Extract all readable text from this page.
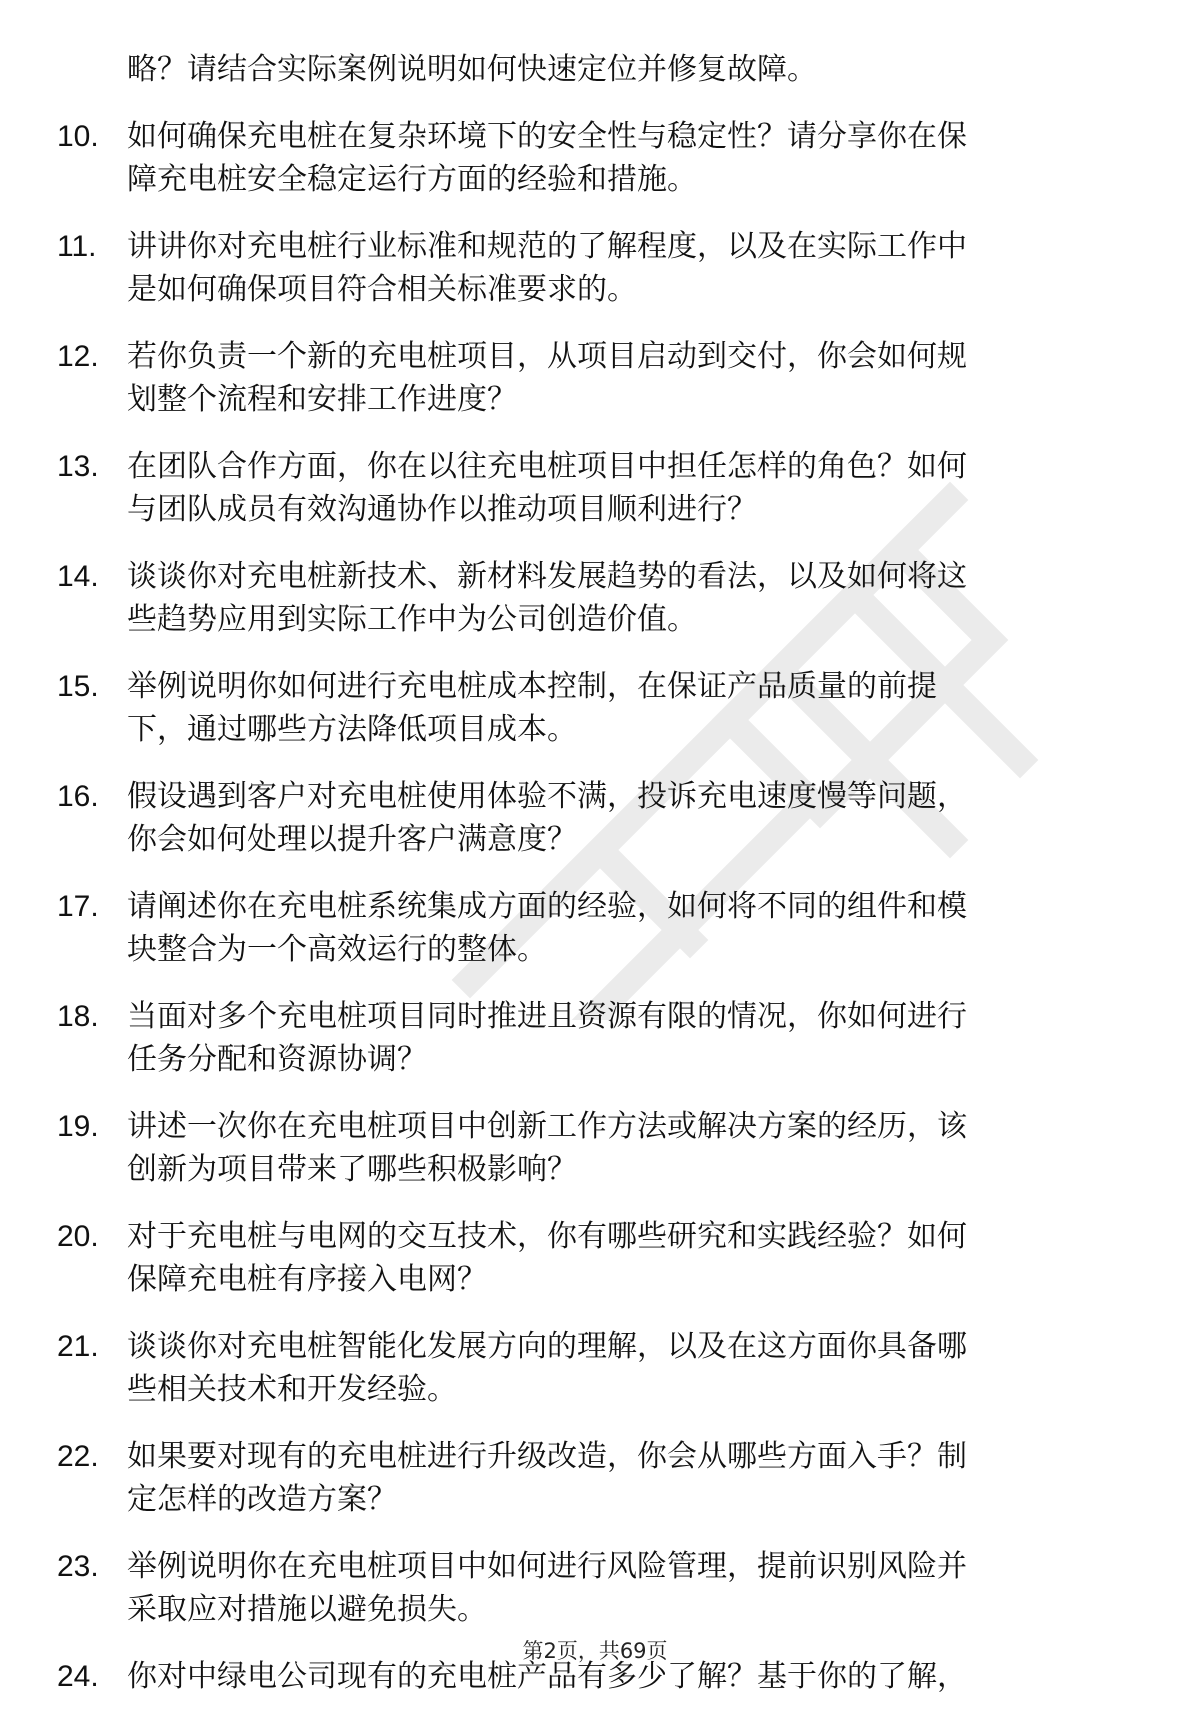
略？请结合实际案例说明如何快速定位并修复故障。
10. 如何确保充电桩在复杂环境下的安全性与稳定性？请分享你在保
障充电桩安全稳定运行方面的经验和措施。
11.	讲讲你对充电桩行业标准和规范的了解程度，以及在实际工作中
是如何确保项目符合相关标准要求的。
12. 若你负责一个新的充电桩项目，从项目启动到交付，你会如何规
划整个流程和安排工作进度？
13. 在团队合作方面，你在以往充电桩项目中担任怎样的角色？如何
与团队成员有效沟通协作以推动项目顺利进行？
14. 谈谈你对充电桩新技术、新材料发展趋势的看法，以及如何将这
些趋势应用到实际工作中为公司创造价值。
15. 举例说明你如何进行充电桩成本控制，在保证产品质量的前提
下，通过哪些方法降低项目成本。
16. 假设遇到客户对充电桩使用体验不满，投诉充电速度慢等问题，
你会如何处理以提升客户满意度？
17. 请阐述你在充电桩系统集成方面的经验，如何将不同的组件和模
块整合为一个高效运行的整体。
18. 当面对多个充电桩项目同时推进且资源有限的情况，你如何进行
任务分配和资源协调？
19. 讲述一次你在充电桩项目中创新工作方法或解决方案的经历，该
创新为项目带来了哪些积极影响？
20. 对于充电桩与电网的交互技术，你有哪些研究和实践经验？如何
保障充电桩有序接入电网？
21. 谈谈你对充电桩智能化发展方向的理解，以及在这方面你具备哪
些相关技术和开发经验。
22. 如果要对现有的充电桩进行升级改造，你会从哪些方面入手？制
定怎样的改造方案？
23. 举例说明你在充电桩项目中如何进行风险管理，提前识别风险并
采取应对措施以避免损失。
24. 你对中绿电公司现有的充电桩产品有多少了解？基于你的了解，
第2页，共69页
